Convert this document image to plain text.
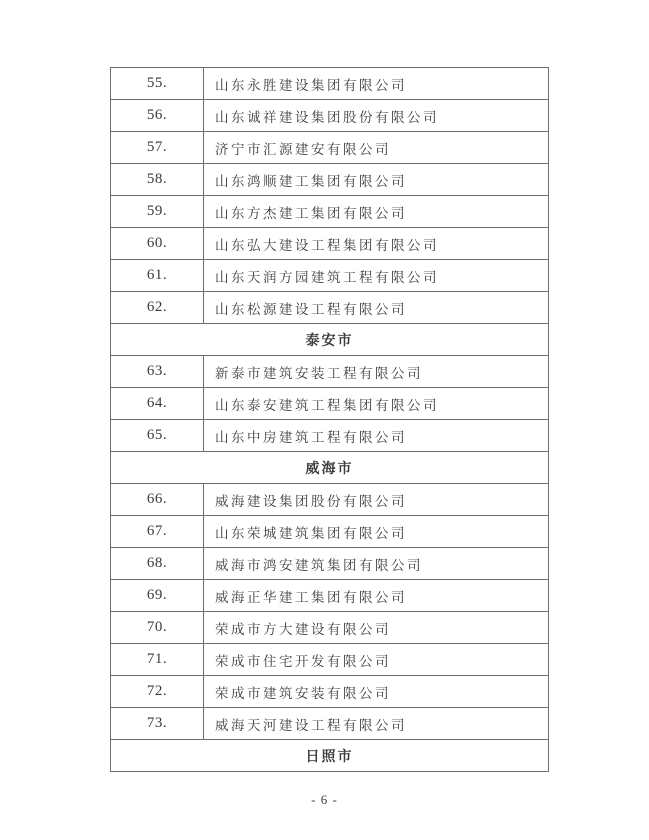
55.	山东永胜建设集团有限公司
56.	山东诚祥建设集团股份有限公司
57.	济宁市汇源建安有限公司
58.	山东鸿顺建工集团有限公司
59.	山东方杰建工集团有限公司
60.	山东弘大建设工程集团有限公司
61.	山东天润方园建筑工程有限公司
62.	山东松源建设工程有限公司
泰安市	
63.	新泰市建筑安装工程有限公司
64.	山东泰安建筑工程集团有限公司
65.	山东中房建筑工程有限公司
威海市	
66.	威海建设集团股份有限公司
67.	山东荣城建筑集团有限公司
68.	威海市鸿安建筑集团有限公司
69.	威海正华建工集团有限公司
70.	荣成市方大建设有限公司
71.	荣成市住宅开发有限公司
72.	荣成市建筑安装有限公司
73.	威海天河建设工程有限公司
日照市	
- 6 -
